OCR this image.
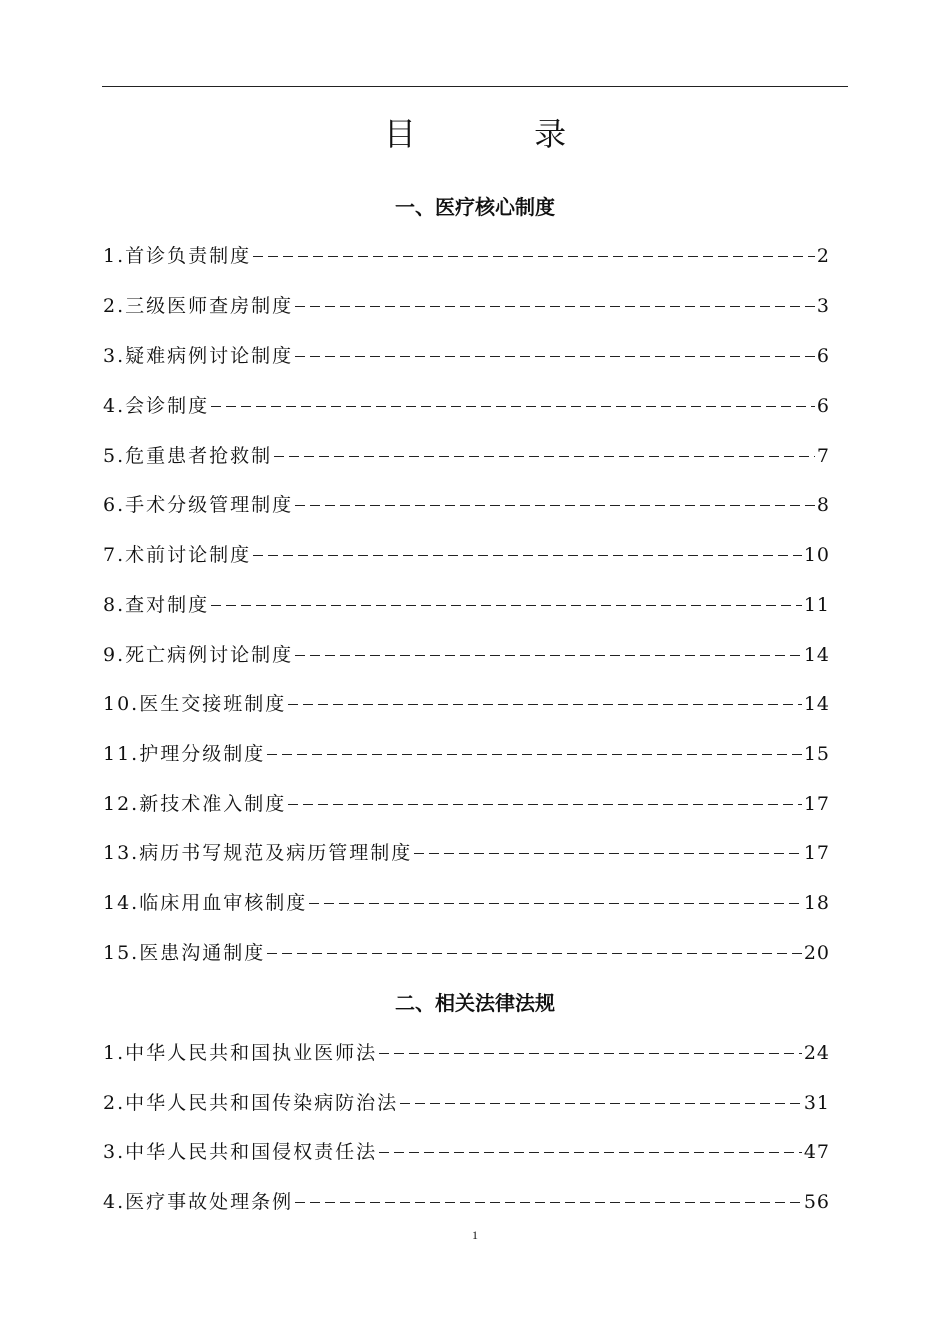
目 录
一、医疗核心制度
1.首诊负责制度	2
2.三级医师查房制度	3
3.疑难病例讨论制度	6
4.会诊制度	6
5.危重患者抢救制	7
6.手术分级管理制度	8
7.术前讨论制度	10
8.查对制度	11
9.死亡病例讨论制度	14
10.医生交接班制度	14
11.护理分级制度	15
12.新技术准入制度	17
13.病历书写规范及病历管理制度	17
14.临床用血审核制度	18
15.医患沟通制度	20
二、相关法律法规
1.中华人民共和国执业医师法	24
2.中华人民共和国传染病防治法	31
3.中华人民共和国侵权责任法	47
4.医疗事故处理条例	56
1
